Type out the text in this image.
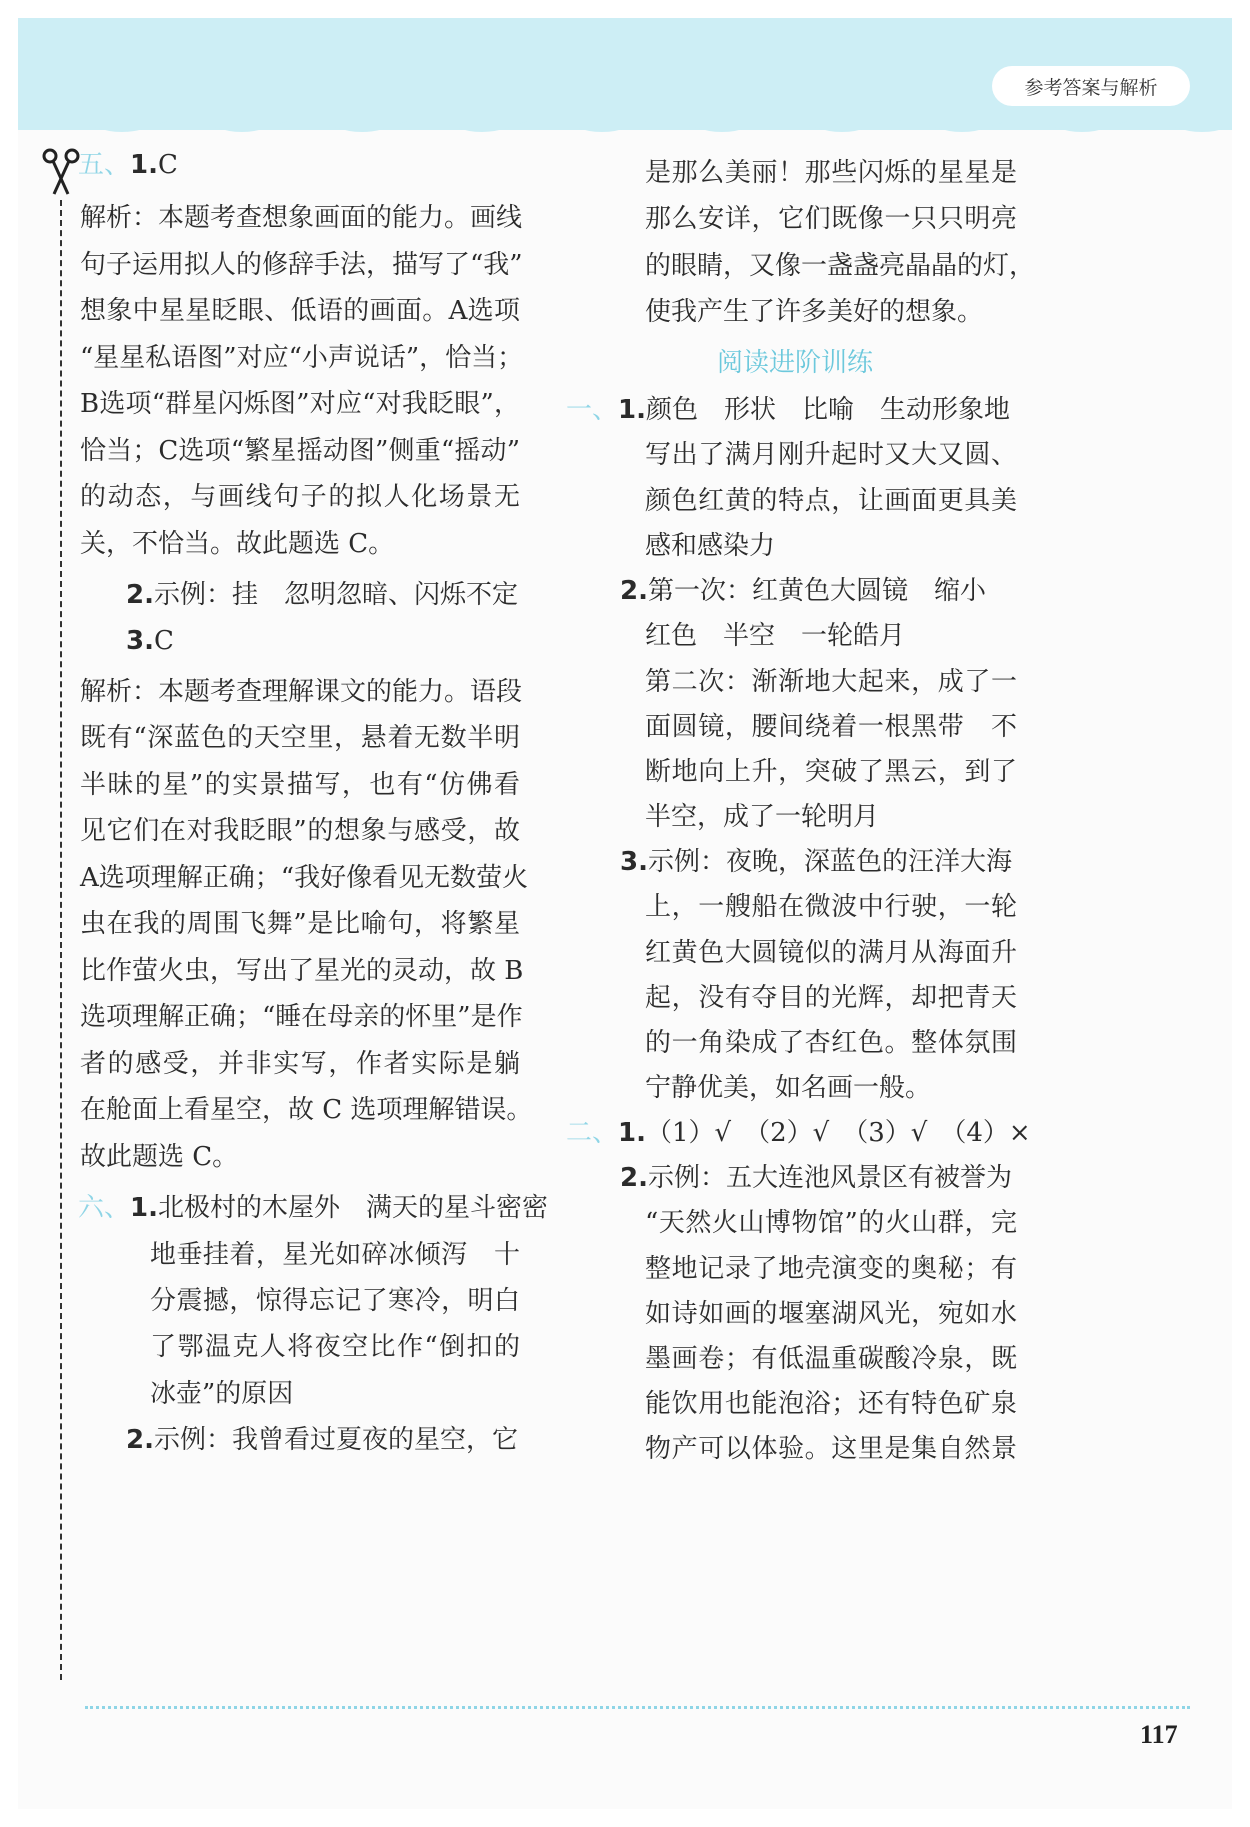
参考答案与解析
五、1.C
解析：本题考查想象画面的能力。画线
句子运用拟人的修辞手法，描写了“我”
想象中星星眨眼、低语的画面。A选项
“星星私语图”对应“小声说话”，恰当；
B选项“群星闪烁图”对应“对我眨眼”，
恰当；C选项“繁星摇动图”侧重“摇动”
的动态，与画线句子的拟人化场景无
关，不恰当。故此题选 C。
2.示例：挂　忽明忽暗、闪烁不定
3.C
解析：本题考查理解课文的能力。语段
既有“深蓝色的天空里，悬着无数半明
半昧的星”的实景描写，也有“仿佛看
见它们在对我眨眼”的想象与感受，故
A选项理解正确；“我好像看见无数萤火
虫在我的周围飞舞”是比喻句，将繁星
比作萤火虫，写出了星光的灵动，故 B
选项理解正确；“睡在母亲的怀里”是作
者的感受，并非实写，作者实际是躺
在舱面上看星空，故 C 选项理解错误。
故此题选 C。
六、1.北极村的木屋外　满天的星斗密密
地垂挂着，星光如碎冰倾泻　十
分震撼，惊得忘记了寒冷，明白
了鄂温克人将夜空比作“倒扣的
冰壶”的原因
2.示例：我曾看过夏夜的星空，它
是那么美丽！那些闪烁的星星是
那么安详，它们既像一只只明亮
的眼睛，又像一盏盏亮晶晶的灯，
使我产生了许多美好的想象。
阅读进阶训练
一、1.颜色　形状　比喻　生动形象地
写出了满月刚升起时又大又圆、
颜色红黄的特点，让画面更具美
感和感染力
2.第一次：红黄色大圆镜　缩小
红色　半空　一轮皓月
第二次：渐渐地大起来，成了一
面圆镜，腰间绕着一根黑带　不
断地向上升，突破了黑云，到了
半空，成了一轮明月
3.示例：夜晚，深蓝色的汪洋大海
上，一艘船在微波中行驶，一轮
红黄色大圆镜似的满月从海面升
起，没有夺目的光辉，却把青天
的一角染成了杏红色。整体氛围
宁静优美，如名画一般。
二、1.（1）√　（2）√　（3）√　（4）×
2.示例：五大连池风景区有被誉为
“天然火山博物馆”的火山群，完
整地记录了地壳演变的奥秘；有
如诗如画的堰塞湖风光，宛如水
墨画卷；有低温重碳酸冷泉，既
能饮用也能泡浴；还有特色矿泉
物产可以体验。这里是集自然景
117
